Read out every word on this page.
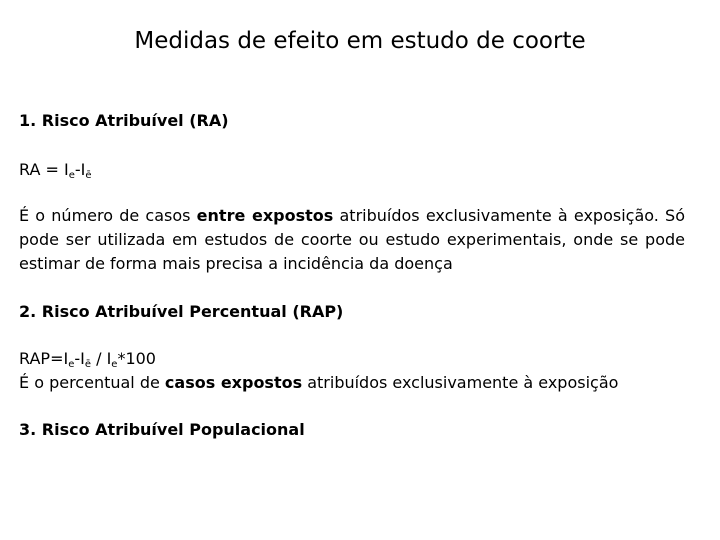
Medidas de efeito em estudo de coorte
1. Risco Atribuível (RA)
RA = $I_e-I_ē$
É o número de casos entre expostos atribuídos exclusivamente à exposição. Só pode ser utilizada em estudos de coorte ou estudo experimentais, onde se pode estimar de forma mais precisa a incidência da doença
2. Risco Atribuível Percentual (RAP)
$RAP=I_e-I_ē / I_e*100$
É o percentual de casos expostos atribuídos exclusivamente à exposição
3. Risco Atribuível Populacional
